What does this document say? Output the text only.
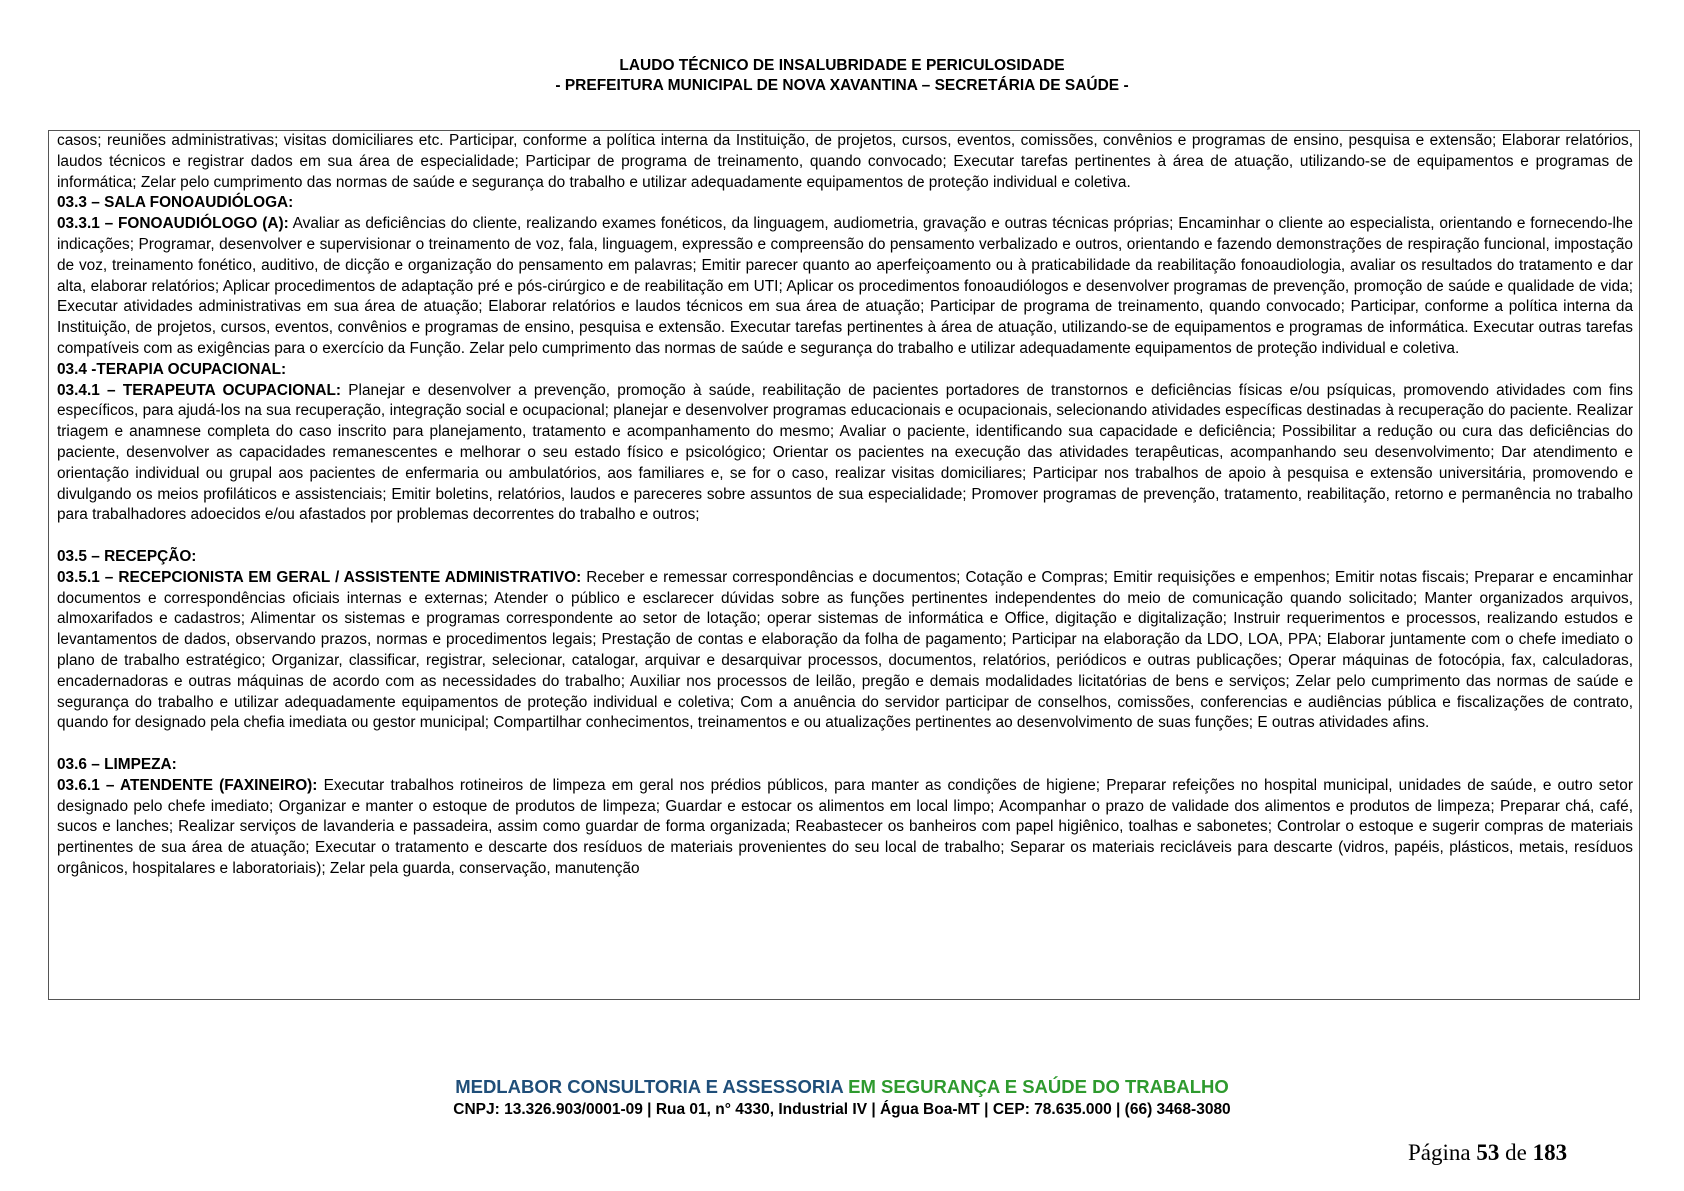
LAUDO TÉCNICO DE INSALUBRIDADE E PERICULOSIDADE
- PREFEITURA MUNICIPAL DE NOVA XAVANTINA – SECRETÁRIA DE SAÚDE -

casos; reuniões administrativas; visitas domiciliares etc. Participar, conforme a política interna da Instituição, de projetos, cursos, eventos, comissões, convênios e programas de ensino, pesquisa e extensão; Elaborar relatórios, laudos técnicos e registrar dados em sua área de especialidade; Participar de programa de treinamento, quando convocado; Executar tarefas pertinentes à área de atuação, utilizando-se de equipamentos e programas de informática; Zelar pelo cumprimento das normas de saúde e segurança do trabalho e utilizar adequadamente equipamentos de proteção individual e coletiva.

03.3 – SALA FONOAUDIÓLOGA:

03.3.1 – FONOAUDIÓLOGO (A): Avaliar as deficiências do cliente, realizando exames fonéticos, da linguagem, audiometria, gravação e outras técnicas próprias; Encaminhar o cliente ao especialista, orientando e fornecendo-lhe indicações; Programar, desenvolver e supervisionar o treinamento de voz, fala, linguagem, expressão e compreensão do pensamento verbalizado e outros, orientando e fazendo demonstrações de respiração funcional, impostação de voz, treinamento fonético, auditivo, de dicção e organização do pensamento em palavras; Emitir parecer quanto ao aperfeiçoamento ou à praticabilidade da reabilitação fonoaudiologia, avaliar os resultados do tratamento e dar alta, elaborar relatórios; Aplicar procedimentos de adaptação pré e pós-cirúrgico e de reabilitação em UTI; Aplicar os procedimentos fonoaudiólogos e desenvolver programas de prevenção, promoção de saúde e qualidade de vida; Executar atividades administrativas em sua área de atuação; Elaborar relatórios e laudos técnicos em sua área de atuação; Participar de programa de treinamento, quando convocado; Participar, conforme a política interna da Instituição, de projetos, cursos, eventos, convênios e programas de ensino, pesquisa e extensão. Executar tarefas pertinentes à área de atuação, utilizando-se de equipamentos e programas de informática. Executar outras tarefas compatíveis com as exigências para o exercício da Função. Zelar pelo cumprimento das normas de saúde e segurança do trabalho e utilizar adequadamente equipamentos de proteção individual e coletiva.

03.4 -TERAPIA OCUPACIONAL:

03.4.1 – TERAPEUTA OCUPACIONAL: Planejar e desenvolver a prevenção, promoção à saúde, reabilitação de pacientes portadores de transtornos e deficiências físicas e/ou psíquicas, promovendo atividades com fins específicos, para ajudá-los na sua recuperação, integração social e ocupacional; planejar e desenvolver programas educacionais e ocupacionais, selecionando atividades específicas destinadas à recuperação do paciente. Realizar triagem e anamnese completa do caso inscrito para planejamento, tratamento e acompanhamento do mesmo; Avaliar o paciente, identificando sua capacidade e deficiência; Possibilitar a redução ou cura das deficiências do paciente, desenvolver as capacidades remanescentes e melhorar o seu estado físico e psicológico; Orientar os pacientes na execução das atividades terapêuticas, acompanhando seu desenvolvimento; Dar atendimento e orientação individual ou grupal aos pacientes de enfermaria ou ambulatórios, aos familiares e, se for o caso, realizar visitas domiciliares; Participar nos trabalhos de apoio à pesquisa e extensão universitária, promovendo e divulgando os meios profiláticos e assistenciais; Emitir boletins, relatórios, laudos e pareceres sobre assuntos de sua especialidade; Promover programas de prevenção, tratamento, reabilitação, retorno e permanência no trabalho para trabalhadores adoecidos e/ou afastados por problemas decorrentes do trabalho e outros;

03.5 – RECEPÇÃO:

03.5.1 – RECEPCIONISTA EM GERAL / ASSISTENTE ADMINISTRATIVO: Receber e remessar correspondências e documentos; Cotação e Compras; Emitir requisições e empenhos; Emitir notas fiscais; Preparar e encaminhar documentos e correspondências oficiais internas e externas; Atender o público e esclarecer dúvidas sobre as funções pertinentes independentes do meio de comunicação quando solicitado; Manter organizados arquivos, almoxarifados e cadastros; Alimentar os sistemas e programas correspondente ao setor de lotação; operar sistemas de informática e Office, digitação e digitalização; Instruir requerimentos e processos, realizando estudos e levantamentos de dados, observando prazos, normas e procedimentos legais; Prestação de contas e elaboração da folha de pagamento; Participar na elaboração da LDO, LOA, PPA; Elaborar juntamente com o chefe imediato o plano de trabalho estratégico; Organizar, classificar, registrar, selecionar, catalogar, arquivar e desarquivar processos, documentos, relatórios, periódicos e outras publicações; Operar máquinas de fotocópia, fax, calculadoras, encadernadoras e outras máquinas de acordo com as necessidades do trabalho; Auxiliar nos processos de leilão, pregão e demais modalidades licitatórias de bens e serviços; Zelar pelo cumprimento das normas de saúde e segurança do trabalho e utilizar adequadamente equipamentos de proteção individual e coletiva; Com a anuência do servidor participar de conselhos, comissões, conferencias e audiências pública e fiscalizações de contrato, quando for designado pela chefia imediata ou gestor municipal; Compartilhar conhecimentos, treinamentos e ou atualizações pertinentes ao desenvolvimento de suas funções; E outras atividades afins.

03.6 – LIMPEZA:

03.6.1 – ATENDENTE (FAXINEIRO): Executar trabalhos rotineiros de limpeza em geral nos prédios públicos, para manter as condições de higiene; Preparar refeições no hospital municipal, unidades de saúde, e outro setor designado pelo chefe imediato; Organizar e manter o estoque de produtos de limpeza; Guardar e estocar os alimentos em local limpo; Acompanhar o prazo de validade dos alimentos e produtos de limpeza; Preparar chá, café, sucos e lanches; Realizar serviços de lavanderia e passadeira, assim como guardar de forma organizada; Reabastecer os banheiros com papel higiênico, toalhas e sabonetes; Controlar o estoque e sugerir compras de materiais pertinentes de sua área de atuação; Executar o tratamento e descarte dos resíduos de materiais provenientes do seu local de trabalho; Separar os materiais recicláveis para descarte (vidros, papéis, plásticos, metais, resíduos orgânicos, hospitalares e laboratoriais); Zelar pela guarda, conservação, manutenção

MEDLABOR CONSULTORIA E ASSESSORIA EM SEGURANÇA E SAÚDE DO TRABALHO
CNPJ: 13.326.903/0001-09 | Rua 01, n° 4330, Industrial IV | Água Boa-MT | CEP: 78.635.000 | (66) 3468-3080
Página 53 de 183
